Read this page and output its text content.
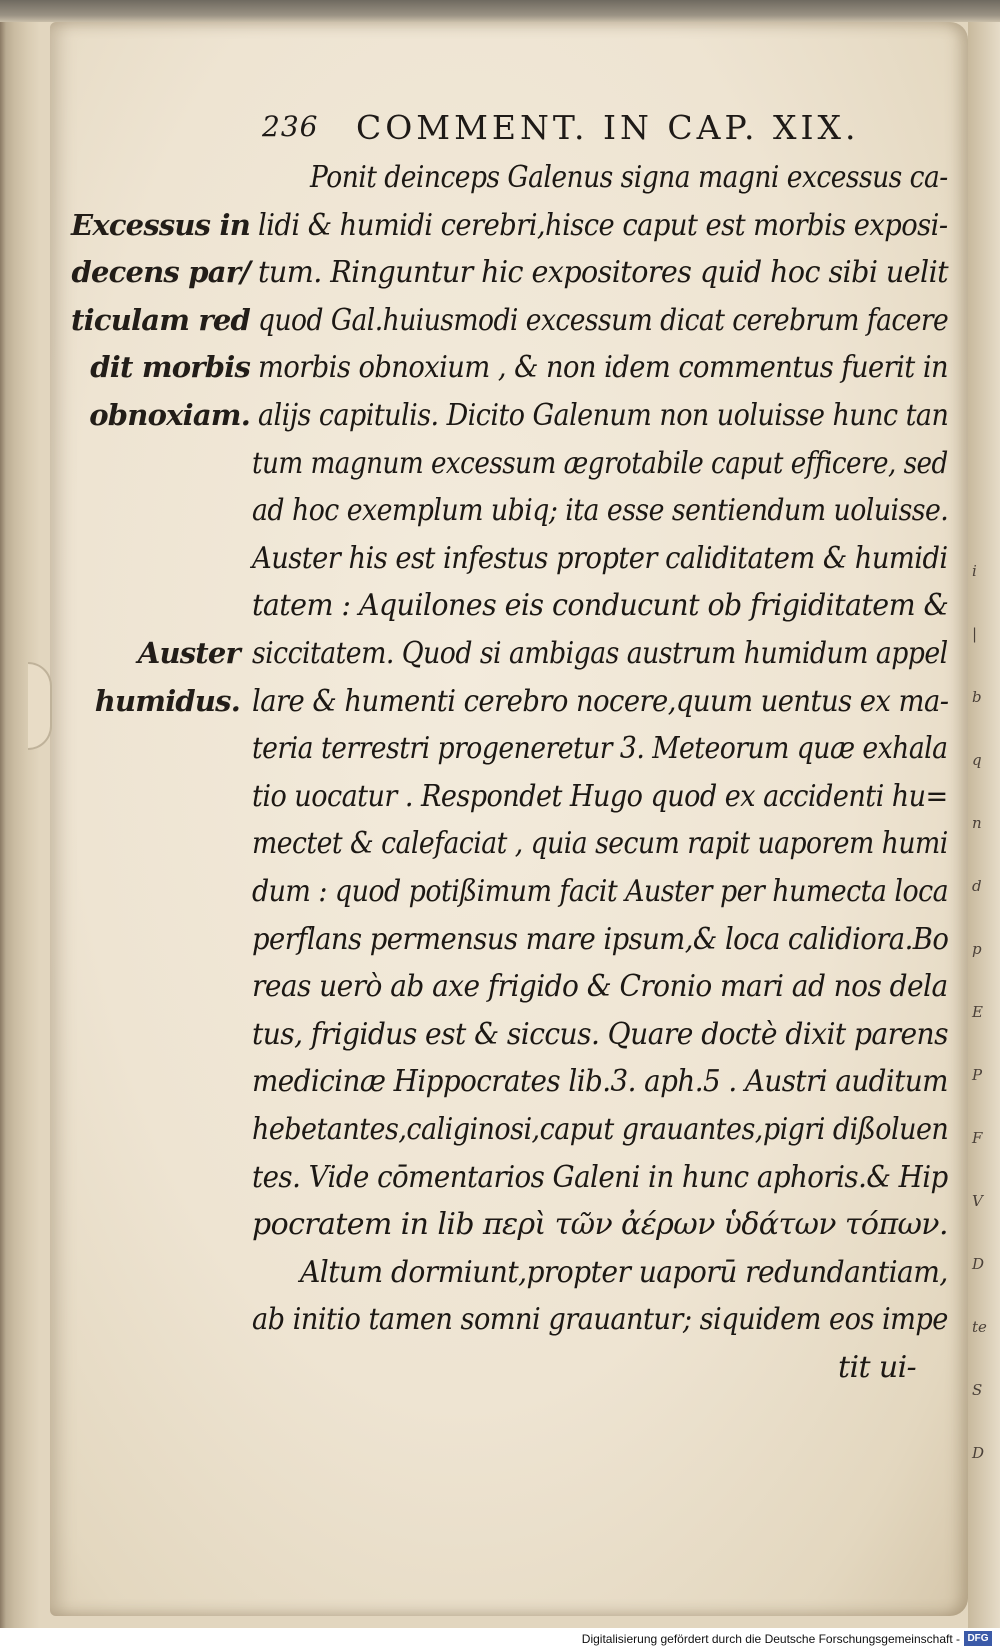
i
|
b
q
n
d
p
E
P
F
V
D
te
S
D
236 COMMENT. IN CAP. XIX.
Excessus in
decens par/
ticulam red
dit morbis
obnoxiam.
Auster
humidus.
Ponit deinceps Galenus signa magni excessus ca-
lidi & humidi cerebri,hisce caput est morbis exposi-
tum. Ringuntur hic expositores quid hoc sibi uelit
quod Gal.huiusmodi excessum dicat cerebrum facere
morbis obnoxium , & non idem commentus fuerit in
alijs capitulis. Dicito Galenum non uoluisse hunc tan
tum magnum excessum ægrotabile caput efficere, sed
ad hoc exemplum ubiq; ita esse sentiendum uoluisse.
Auster his est infestus propter caliditatem & humidi
tatem : Aquilones eis conducunt ob frigiditatem &
siccitatem. Quod si ambigas austrum humidum appel
lare & humenti cerebro nocere,quum uentus ex ma-
teria terrestri progeneretur 3. Meteorum quæ exhala
tio uocatur . Respondet Hugo quod ex accidenti hu=
mectet & calefaciat , quia secum rapit uaporem humi
dum : quod potißimum facit Auster per humecta loca
perflans permensus mare ipsum,& loca calidiora.Bo
reas uerò ab axe frigido & Cronio mari ad nos dela
tus, frigidus est & siccus. Quare doctè dixit parens
medicinæ Hippocrates lib.3. aph.5 . Austri auditum
hebetantes,caliginosi,caput grauantes,pigri dißoluen
tes. Vide cōmentarios Galeni in hunc aphoris.& Hip
pocratem in lib περὶ τῶν ἀέρων ὑδάτων τόπων.
Altum dormiunt,propter uaporū redundantiam,
ab initio tamen somni grauantur; siquidem eos impe
tit ui-
Digitalisierung gefördert durch die Deutsche Forschungsgemeinschaft - DFG
